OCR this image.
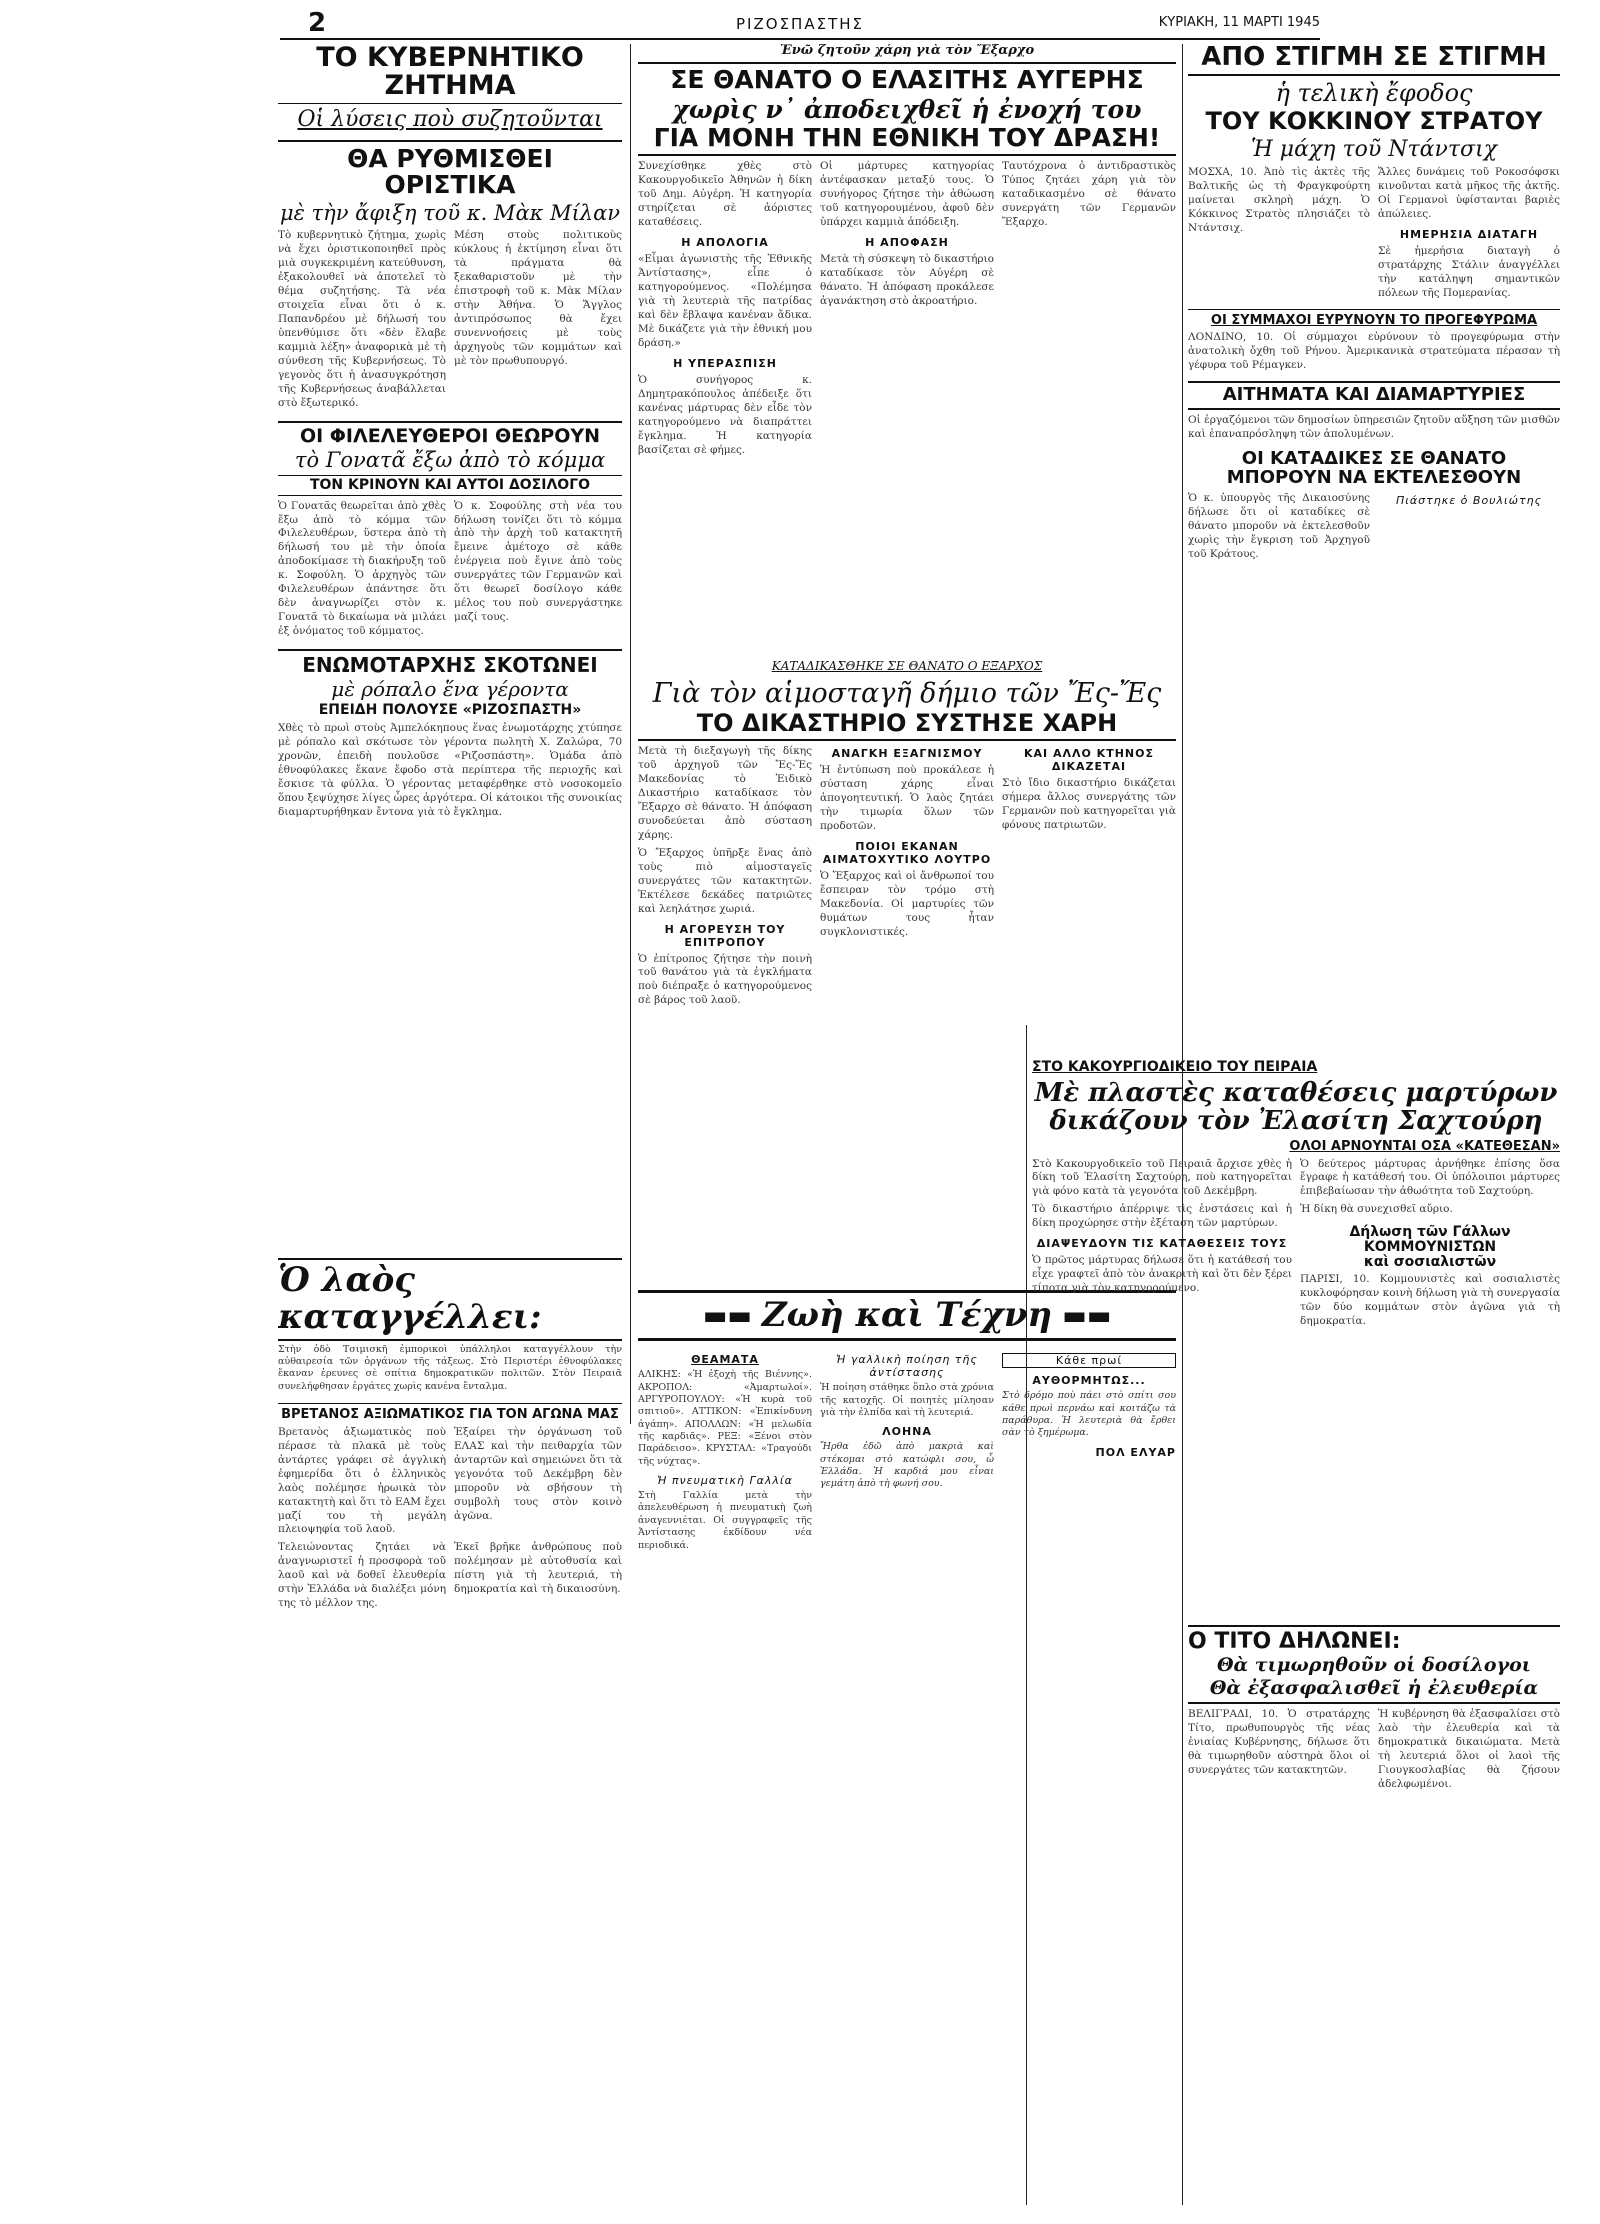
2	ΡΙΖΟΣΠΑΣΤΗΣ	ΚΥΡΙΑΚΗ, 11 ΜΑΡΤΙ 1945
ΤΟ ΚΥΒΕΡΝΗΤΙΚΟ ΖΗΤΗΜΑ
Οἱ λύσεις ποὺ συζητοῦνται
ΘΑ ΡΥΘΜΙΣΘΕΙ ΟΡΙΣΤΙΚΑ
μὲ τὴν ἄφιξη τοῦ κ. Μὰκ Μίλαν

Τὸ κυβερνητικὸ ζήτημα, χωρὶς νὰ ἔχει ὁριστικοποιηθεῖ πρὸς μιὰ συγκεκριμένη κατεύθυνση, ἐξακολουθεῖ νὰ ἀποτελεῖ τὸ θέμα συζητήσης. Τὰ νέα στοιχεῖα εἶναι ὅτι ὁ κ. Παπανδρέου μὲ δήλωσή του ὑπενθύμισε ὅτι «δὲν ἔλαβε καμμιὰ λέξη» ἀναφορικὰ μὲ τὴ σύνθεση τῆς Κυβερνήσεως. Τὸ γεγονὸς ὅτι ἡ ἀνασυγκρότηση τῆς Κυβερνήσεως ἀναβάλλεται στὸ ἔξωτερικό.

Μέση στοὺς πολιτικοὺς κύκλους ἡ ἐκτίμηση εἶναι ὅτι τὰ πράγματα θὰ ξεκαθαριστοῦν μὲ τὴν ἐπιστροφὴ τοῦ κ. Μὰκ Μίλαν στὴν Ἀθήνα. Ὁ Ἄγγλος ἀντιπρόσωπος θὰ ἔχει συνεννοήσεις μὲ τοὺς ἀρχηγοὺς τῶν κομμάτων καὶ μὲ τὸν πρωθυπουργό.

ΟΙ ΦΙΛΕΛΕΥΘΕΡΟΙ ΘΕΩΡΟΥΝ
τὸ Γονατᾶ ἔξω ἀπὸ τὸ κόμμα
ΤΟΝ ΚΡΙΝΟΥΝ ΚΑΙ ΑΥΤΟΙ ΔΟΣΙΛΟΓΟ

Ὁ Γονατᾶς θεωρεῖται ἀπὸ χθὲς ἔξω ἀπὸ τὸ κόμμα τῶν Φιλελευθέρων, ὕστερα ἀπὸ τὴ δήλωσή του μὲ τὴν ὁποία ἀποδοκίμασε τὴ διακήρυξη τοῦ κ. Σοφούλη. Ὁ ἀρχηγὸς τῶν Φιλελευθέρων ἀπάντησε ὅτι δὲν ἀναγνωρίζει στὸν κ. Γονατᾶ τὸ δικαίωμα νὰ μιλάει ἐξ ὀνόματος τοῦ κόμματος.

Ὁ κ. Σοφούλης στὴ νέα του δήλωση τονίζει ὅτι τὸ κόμμα ἀπὸ τὴν ἀρχὴ τοῦ κατακτητῆ ἔμεινε ἀμέτοχο σὲ κάθε ἐνέργεια ποὺ ἔγινε ἀπὸ τοὺς συνεργάτες τῶν Γερμανῶν καὶ ὅτι θεωρεῖ δοσίλογο κάθε μέλος του ποὺ συνεργάστηκε μαζί τους.

ΕΝΩΜΟΤΑΡΧΗΣ ΣΚΟΤΩΝΕΙ
μὲ ρόπαλο ἕνα γέροντα
ΕΠΕΙΔΗ ΠΟΛΟΥΣΕ «ΡΙΖΟΣΠΑΣΤΗ»

Χθὲς τὸ πρωὶ στοὺς Ἀμπελόκηπους ἕνας ἐνωμοτάρχης χτύπησε μὲ ρόπαλο καὶ σκότωσε τὸν γέροντα πωλητὴ Χ. Ζαλώρα, 70 χρονῶν, ἐπειδὴ πουλοῦσε «Ριζοσπάστη». Ὁμάδα ἀπὸ ἐθνοφύλακες ἔκανε ἔφοδο στὰ περίπτερα τῆς περιοχῆς καὶ ἔσκισε τὰ φύλλα. Ὁ γέροντας μεταφέρθηκε στὸ νοσοκομεῖο ὅπου ξεψύχησε λίγες ὧρες ἀργότερα. Οἱ κάτοικοι τῆς συνοικίας διαμαρτυρήθηκαν ἔντονα γιὰ τὸ ἔγκλημα.

Ὁ λαὸς καταγγέλλει:

Στὴν ὁδὸ Τσιμισκῆ ἐμπορικοὶ ὑπάλληλοι καταγγέλλουν τὴν αὐθαιρεσία τῶν ὀργάνων τῆς τάξεως. Στὸ Περιστέρι ἐθνοφύλακες ἔκαναν ἐρευνες σὲ σπίτια δημοκρατικῶν πολιτῶν. Στὸν Πειραιᾶ συνελήφθησαν ἐργάτες χωρὶς κανένα ἔνταλμα.

ΒΡΕΤΑΝΟΣ ΑΞΙΩΜΑΤΙΚΟΣ ΓΙΑ ΤΟΝ ΑΓΩΝΑ ΜΑΣ

Βρετανὸς ἀξιωματικὸς ποὺ πέρασε τὰ πλακᾶ μὲ τοὺς ἀντάρτες γράφει σὲ ἀγγλικὴ ἐφημερίδα ὅτι ὁ ἑλληνικὸς λαὸς πολέμησε ἡρωικὰ τὸν κατακτητὴ καὶ ὅτι τὸ ΕΑΜ ἔχει μαζί του τὴ μεγάλη πλειοψηφία τοῦ λαοῦ.

Ἐξαίρει τὴν ὀργάνωση τοῦ ΕΛΑΣ καὶ τὴν πειθαρχία τῶν ἀνταρτῶν καὶ σημειώνει ὅτι τὰ γεγονότα τοῦ Δεκέμβρη δὲν μποροῦν νὰ σβήσουν τὴ συμβολὴ τους στὸν κοινὸ ἀγῶνα.

Τελειώνοντας ζητάει νὰ ἀναγνωριστεῖ ἡ προσφορὰ τοῦ λαοῦ καὶ νὰ δοθεῖ ἐλευθερία στὴν Ἑλλάδα νὰ διαλέξει μόνη της τὸ μέλλον της.

Ἐκεῖ βρῆκε ἀνθρώπους ποὺ πολέμησαν μὲ αὐτοθυσία καὶ πίστη γιὰ τὴ λευτεριά, τὴ δημοκρατία καὶ τὴ δικαιοσύνη.

Ἐνῶ ζητοῦν χάρη γιὰ τὸν Ἔξαρχο
ΣΕ ΘΑΝΑΤΟ Ο ΕΛΑΣΙΤΗΣ ΑΥΓΕΡΗΣ
χωρὶς ν᾿ ἀποδειχθεῖ ἡ ἐνοχή του
ΓΙΑ ΜΟΝΗ ΤΗΝ ΕΘΝΙΚΗ ΤΟΥ ΔΡΑΣΗ!

Συνεχίσθηκε χθὲς στὸ Κακουργοδικεῖο Ἀθηνῶν ἡ δίκη τοῦ Δημ. Αὐγέρη. Ἡ κατηγορία στηρίζεται σὲ ἀόριστες καταθέσεις.

Η ΑΠΟΛΟΓΙΑ

«Εἶμαι ἀγωνιστὴς τῆς Ἐθνικῆς Ἀντίστασης», εἶπε ὁ κατηγορούμενος. «Πολέμησα γιὰ τὴ λευτεριὰ τῆς πατρίδας καὶ δὲν ἔβλαψα κανέναν ἄδικα. Μὲ δικάζετε γιὰ τὴν ἐθνική μου δράση.»

Η ΥΠΕΡΑΣΠΙΣΗ

Ὁ συνήγορος κ. Δημητρακόπουλος ἀπέδειξε ὅτι κανένας μάρτυρας δὲν εἶδε τὸν κατηγορούμενο νὰ διαπράττει ἔγκλημα. Ἡ κατηγορία βασίζεται σὲ φήμες.

Οἱ μάρτυρες κατηγορίας ἀντέφασκαν μεταξύ τους. Ὁ συνήγορος ζήτησε τὴν ἀθώωση τοῦ κατηγορουμένου, ἀφοῦ δὲν ὑπάρχει καμμιὰ ἀπόδειξη.

Η ΑΠΟΦΑΣΗ

Μετὰ τὴ σύσκεψη τὸ δικαστήριο καταδίκασε τὸν Αὐγέρη σὲ θάνατο. Ἡ ἀπόφαση προκάλεσε ἀγανάκτηση στὸ ἀκροατήριο.

Ταυτόχρονα ὁ ἀντιδραστικὸς Τύπος ζητάει χάρη γιὰ τὸν καταδικασμένο σὲ θάνατο συνεργάτη τῶν Γερμανῶν Ἔξαρχο.

ΚΑΤΑΔΙΚΑΣΘΗΚΕ ΣΕ ΘΑΝΑΤΟ Ο ΕΞΑΡΧΟΣ
Γιὰ τὸν αἱμοσταγῆ δήμιο τῶν Ἔς-Ἔς
ΤΟ ΔΙΚΑΣΤΗΡΙΟ ΣΥΣΤΗΣΕ ΧΑΡΗ

Μετὰ τὴ διεξαγωγὴ τῆς δίκης τοῦ ἀρχηγοῦ τῶν Ἔς-Ἔς Μακεδονίας τὸ Ἐιδικὸ Δικαστήριο καταδίκασε τὸν Ἔξαρχο σὲ θάνατο. Ἡ ἀπόφαση συνοδεύεται ἀπὸ σύσταση χάρης.

Ὁ Ἔξαρχος ὑπῆρξε ἕνας ἀπὸ τοὺς πιὸ αἱμοσταγεῖς συνεργάτες τῶν κατακτητῶν. Ἐκτέλεσε δεκάδες πατριῶτες καὶ λεηλάτησε χωριά.

Η ΑΓΟΡΕΥΣΗ ΤΟΥ ΕΠΙΤΡΟΠΟΥ

Ὁ ἐπίτροπος ζήτησε τὴν ποινὴ τοῦ θανάτου γιὰ τὰ ἐγκλήματα ποὺ διέπραξε ὁ κατηγορούμενος σὲ βάρος τοῦ λαοῦ.

ΑΝΑΓΚΗ ΕΞΑΓΝΙΣΜΟΥ

Ἡ ἐντύπωση ποὺ προκάλεσε ἡ σύσταση χάρης εἶναι ἀπογοητευτική. Ὁ λαὸς ζητάει τὴν τιμωρία ὅλων τῶν προδοτῶν.

ΠΟΙΟΙ ΕΚΑΝΑΝ ΑΙΜΑΤΟΧΥΤΙΚΟ ΛΟΥΤΡΟ

Ὁ Ἔξαρχος καὶ οἱ ἄνθρωποί του ἔσπειραν τὸν τρόμο στὴ Μακεδονία. Οἱ μαρτυρίες τῶν θυμάτων τους ἦταν συγκλονιστικές.

ΚΑΙ ΑΛΛΟ ΚΤΗΝΟΣ ΔΙΚΑΖΕΤΑΙ

Στὸ ἴδιο δικαστήριο δικάζεται σήμερα ἄλλος συνεργάτης τῶν Γερμανῶν ποὺ κατηγορεῖται γιὰ φόνους πατριωτῶν.

▬▬ Ζωὴ καὶ Τέχνη ▬▬
ΘΕΑΜΑΤΑ

ΑΛΙΚΗΣ: «Ἡ ἐξοχὴ τῆς Βιέννης». ΑΚΡΟΠΟΛ: «Ἀμαρτωλοί». ΑΡΓΥΡΟΠΟΥΛΟΥ: «Ἡ κυρὰ τοῦ σπιτιοῦ». ΑΤΤΙΚΟΝ: «Ἐπικίνδυνη ἀγάπη». ΑΠΟΛΛΩΝ: «Ἡ μελωδία τῆς καρδιᾶς». ΡΕΞ: «Ξένοι στὸν Παράδεισο». ΚΡΥΣΤΑΛ: «Τραγούδι τῆς νύχτας».

Ἡ πνευματικὴ Γαλλία

Στὴ Γαλλία μετὰ τὴν ἀπελευθέρωση ἡ πνευματικὴ ζωὴ ἀναγεννιέται. Οἱ συγγραφεῖς τῆς Ἀντίστασης ἐκδίδουν νέα περιοδικά.

Ἡ γαλλικὴ ποίηση τῆς ἀντίστασης

Ἡ ποίηση στάθηκε ὅπλο στὰ χρόνια τῆς κατοχῆς. Οἱ ποιητὲς μίλησαν γιὰ τὴν ἐλπίδα καὶ τὴ λευτεριά.

ΛΟΗΝΑ

Ἤρθα ἐδῶ ἀπὸ μακριὰ καὶ στέκομαι στὸ κατώφλι σου, ὦ Ἑλλάδα. Ἡ καρδιά μου εἶναι γεμάτη ἀπὸ τὴ φωνή σου.

Κάθε πρωί
ΑΥΘΟΡΜΗΤΩΣ...

Στὸ δρόμο ποὺ πάει στὸ σπίτι σου κάθε πρωὶ περνάω καὶ κοιτάζω τὰ παράθυρα. Ἡ λευτεριὰ θὰ ἔρθει σὰν τὸ ξημέρωμα.

ΠΟΛ ΕΛΥΑΡ
ΑΠΟ ΣΤΙΓΜΗ ΣΕ ΣΤΙΓΜΗ
ἡ τελικὴ ἔφοδος
ΤΟΥ ΚΟΚΚΙΝΟΥ ΣΤΡΑΤΟΥ
Ἡ μάχη τοῦ Ντάντσιχ

ΜΟΣΧΑ, 10. Ἀπὸ τὶς ἀκτὲς τῆς Βαλτικῆς ὡς τὴ Φραγκφούρτη μαίνεται σκληρὴ μάχη. Ὁ Κόκκινος Στρατὸς πλησιάζει τὸ Ντάντσιχ.

Ἄλλες δυνάμεις τοῦ Ροκοσόφσκι κινοῦνται κατὰ μῆκος τῆς ἀκτῆς. Οἱ Γερμανοὶ ὑφίστανται βαριὲς ἀπώλειες.

ΗΜΕΡΗΣΙΑ ΔΙΑΤΑΓΗ

Σὲ ἡμερήσια διαταγὴ ὁ στρατάρχης Στάλιν ἀναγγέλλει τὴν κατάληψη σημαντικῶν πόλεων τῆς Πομερανίας.

ΟΙ ΣΥΜΜΑΧΟΙ ΕΥΡΥΝΟΥΝ ΤΟ ΠΡΟΓΕΦΥΡΩΜΑ

ΛΟΝΔΙΝΟ, 10. Οἱ σύμμαχοι εὐρύνουν τὸ προγεφύρωμα στὴν ἀνατολικὴ ὄχθη τοῦ Ρήνου. Ἀμερικανικὰ στρατεύματα πέρασαν τὴ γέφυρα τοῦ Ρέμαγκεν.

ΑΙΤΗΜΑΤΑ ΚΑΙ ΔΙΑΜΑΡΤΥΡΙΕΣ

Οἱ ἐργαζόμενοι τῶν δημοσίων ὑπηρεσιῶν ζητοῦν αὔξηση τῶν μισθῶν καὶ ἐπαναπρόσληψη τῶν ἀπολυμένων.

ΟΙ ΚΑΤΑΔΙΚΕΣ ΣΕ ΘΑΝΑΤΟ
ΜΠΟΡΟΥΝ ΝΑ ΕΚΤΕΛΕΣΘΟΥΝ

Ὁ κ. ὑπουργὸς τῆς Δικαιοσύνης δήλωσε ὅτι οἱ καταδίκες σὲ θάνατο μποροῦν νὰ ἐκτελεσθοῦν χωρὶς τὴν ἔγκριση τοῦ Ἀρχηγοῦ τοῦ Κράτους.

Πιάστηκε ὁ Βουλιώτης
ΣΤΟ ΚΑΚΟΥΡΓΙΟΔΙΚΕΙΟ ΤΟΥ ΠΕΙΡΑΙΑ
Μὲ πλαστὲς καταθέσεις μαρτύρων
δικάζουν τὸν Ἐλασίτη Σαχτούρη
ΟΛΟΙ ΑΡΝΟΥΝΤΑΙ ΟΣΑ «ΚΑΤΕΘΕΣΑΝ»

Στὸ Κακουργοδικεῖο τοῦ Πειραιᾶ ἄρχισε χθὲς ἡ δίκη τοῦ Ἐλασίτη Σαχτούρη, ποὺ κατηγορεῖται γιὰ φόνο κατὰ τὰ γεγονότα τοῦ Δεκέμβρη.

Τὸ δικαστήριο ἀπέρριψε τὶς ἐνστάσεις καὶ ἡ δίκη προχώρησε στὴν ἐξέταση τῶν μαρτύρων.

ΔΙΑΨΕΥΔΟΥΝ ΤΙΣ ΚΑΤΑΘΕΣΕΙΣ ΤΟΥΣ

Ὁ πρῶτος μάρτυρας δήλωσε ὅτι ἡ κατάθεσή του εἶχε γραφτεῖ ἀπὸ τὸν ἀνακριτὴ καὶ ὅτι δὲν ξέρει τίποτα γιὰ τὸν κατηγορούμενο.

Ὁ δεύτερος μάρτυρας ἀρνήθηκε ἐπίσης ὅσα ἔγραφε ἡ κατάθεσή του. Οἱ ὑπόλοιποι μάρτυρες ἐπιβεβαίωσαν τὴν ἀθωότητα τοῦ Σαχτούρη.

Ἡ δίκη θὰ συνεχισθεῖ αὔριο.

Δήλωση τῶν Γάλλων
ΚΟΜΜΟΥΝΙΣΤΩΝ
καὶ σοσιαλιστῶν

ΠΑΡΙΣΙ, 10. Κομμουνιστὲς καὶ σοσιαλιστὲς κυκλοφόρησαν κοινὴ δήλωση γιὰ τὴ συνεργασία τῶν δύο κομμάτων στὸν ἀγῶνα γιὰ τὴ δημοκρατία.

Ο ΤΙΤΟ ΔΗΛΩΝΕΙ:
Θὰ τιμωρηθοῦν οἱ δοσίλογοι
Θὰ ἐξασφαλισθεῖ ἡ ἐλευθερία

ΒΕΛΙΓΡΑΔΙ, 10. Ὁ στρατάρχης Τίτο, πρωθυπουργὸς τῆς νέας ἐνιαίας Κυβέρνησης, δήλωσε ὅτι θὰ τιμωρηθοῦν αὐστηρὰ ὅλοι οἱ συνεργάτες τῶν κατακτητῶν.

Ἡ κυβέρνηση θὰ ἐξασφαλίσει στὸ λαὸ τὴν ἐλευθερία καὶ τὰ δημοκρατικὰ δικαιώματα. Μετὰ τὴ λευτεριά ὅλοι οἱ λαοὶ τῆς Γιουγκοσλαβίας θὰ ζήσουν ἀδελφωμένοι.
